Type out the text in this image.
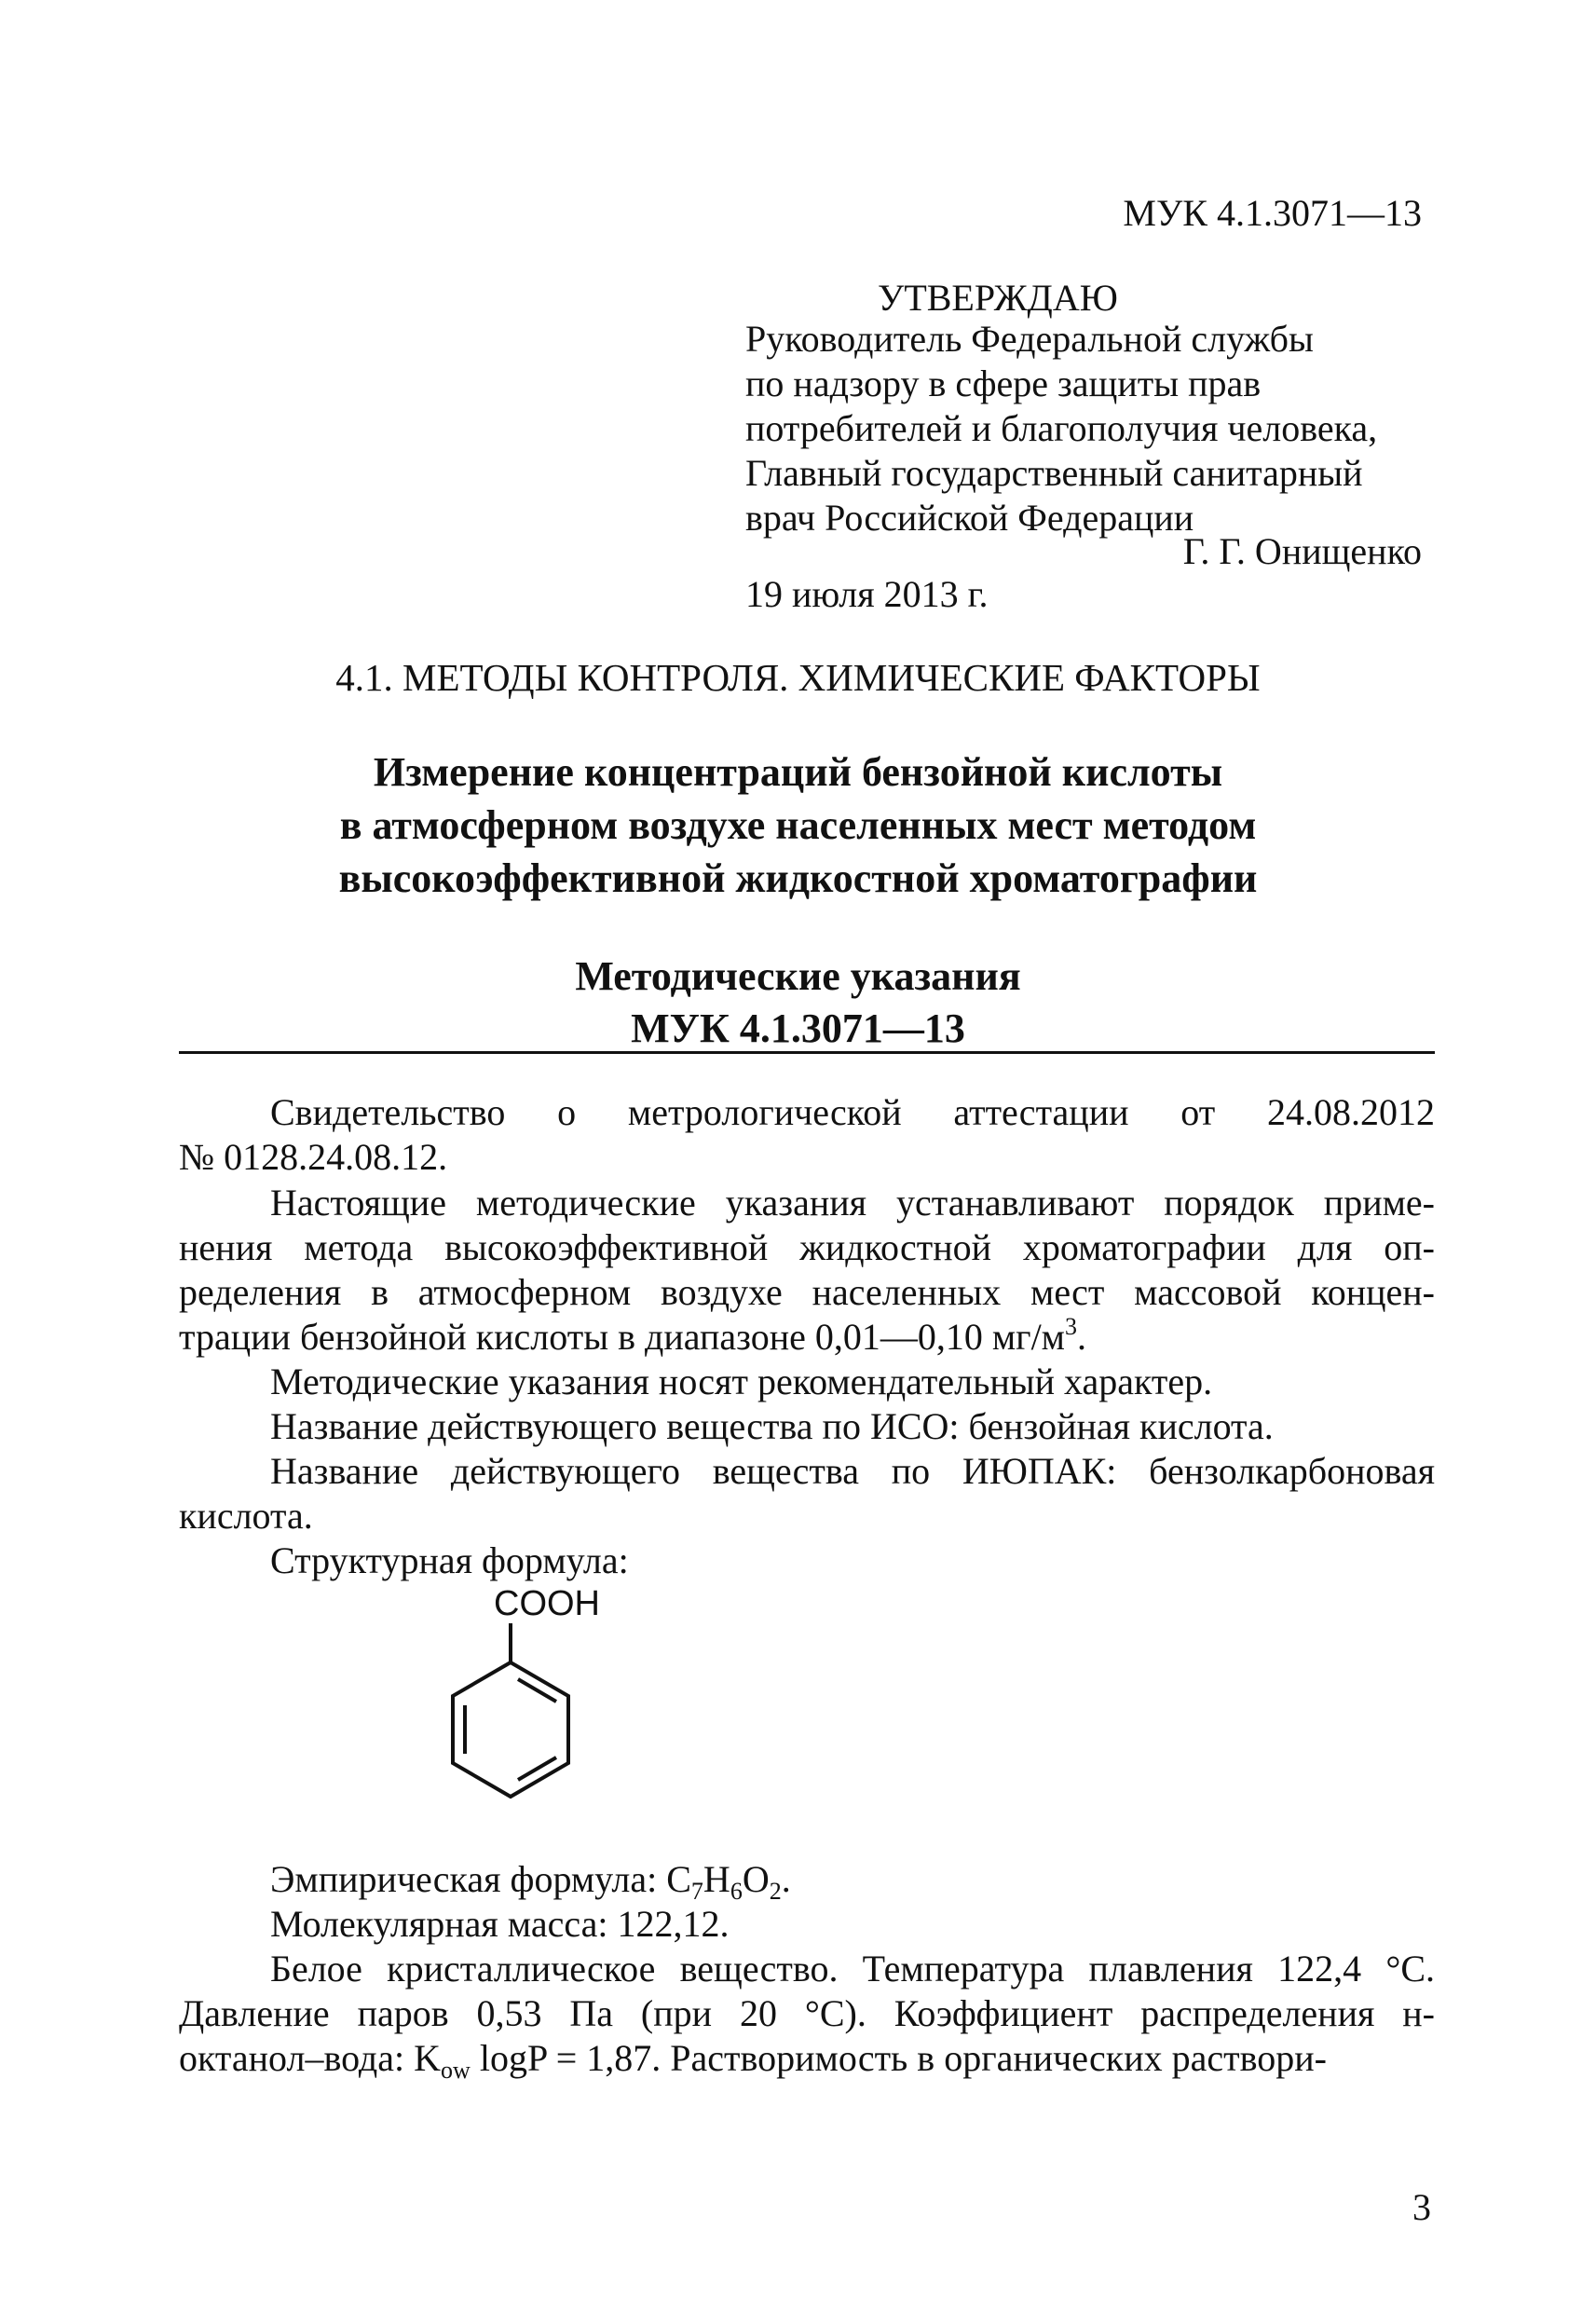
МУК 4.1.3071—13
УТВЕРЖДАЮ
Руководитель Федеральной службы
по надзору в сфере защиты прав
потребителей и благополучия человека,
Главный государственный санитарный
врач Российской Федерации
Г. Г. Онищенко
19 июля 2013 г.
4.1. МЕТОДЫ КОНТРОЛЯ. ХИМИЧЕСКИЕ ФАКТОРЫ
Измерение концентраций бензойной кислоты
в атмосферном воздухе населенных мест методом
высокоэффективной жидкостной хроматографии
Методические указания
МУК 4.1.3071—13
Свидетельство о метрологической аттестации от 24.08.2012
№ 0128.24.08.12.
Настоящие методические указания устанавливают порядок приме-
нения метода высокоэффективной жидкостной хроматографии для оп-
ределения в атмосферном воздухе населенных мест массовой концен-
трации бензойной кислоты в диапазоне 0,01—0,10 $мг/м^3$.
Методические указания носят рекомендательный характер.
Название действующего вещества по ИСО: бензойная кислота.
Название действующего вещества по ИЮПАК: бензолкарбоновая
кислота.
Структурная формула:
COOH
Эмпирическая формула: $C_7H_6O_2$.
Молекулярная масса: 122,12.
Белое кристаллическое вещество. Температура плавления 122,4 °C.
Давление паров 0,53 Па (при 20 °C). Коэффициент распределения н-
октанол–вода: $K_{ow}$ logP = 1,87. Растворимость в органических раствори-
3
